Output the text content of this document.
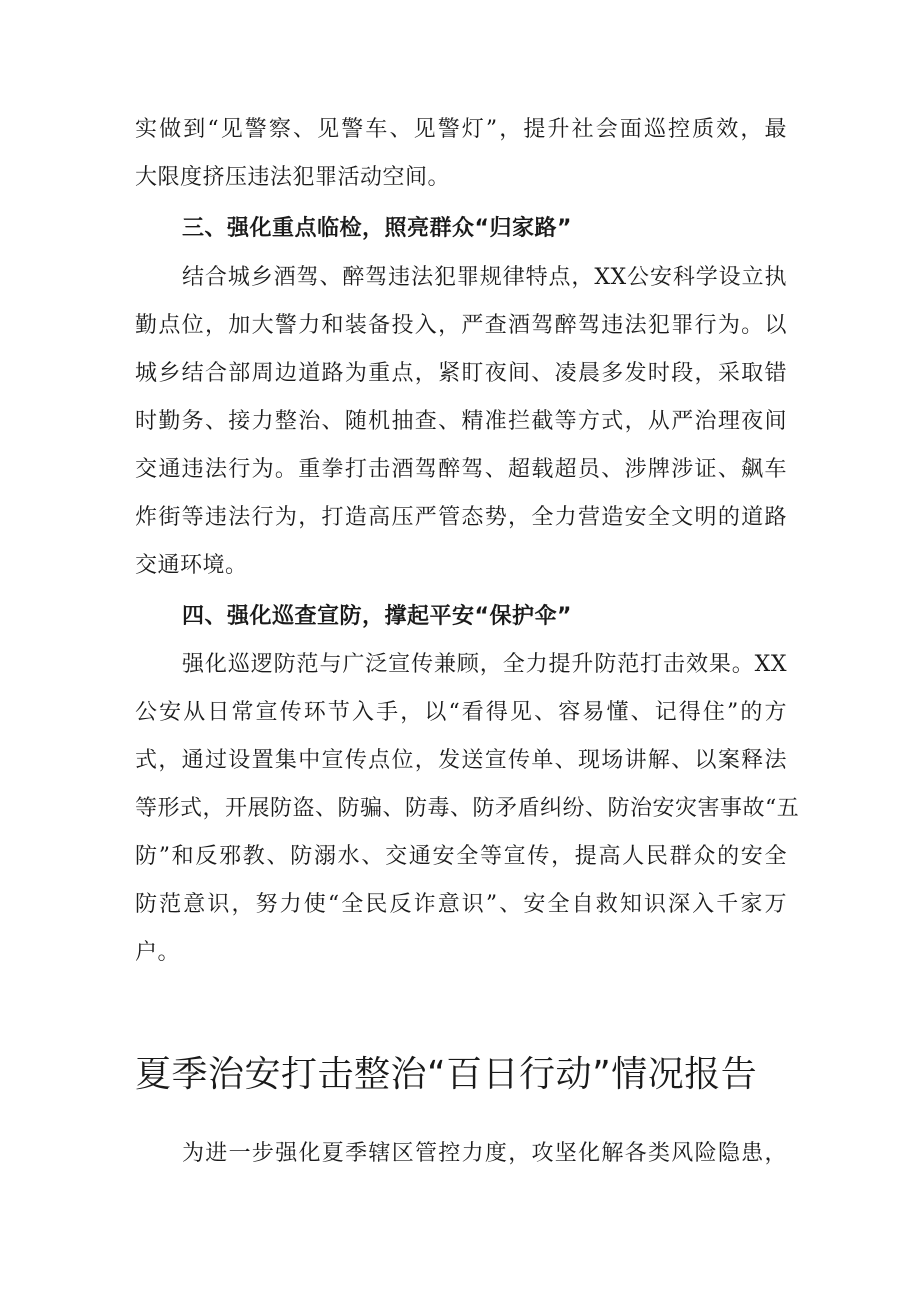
实做到“见警察、见警车、见警灯”，提升社会面巡控质效，最
大限度挤压违法犯罪活动空间。

三、强化重点临检，照亮群众“归家路”

结合城乡酒驾、醉驾违法犯罪规律特点，XX公安科学设立执
勤点位，加大警力和装备投入，严查酒驾醉驾违法犯罪行为。以
城乡结合部周边道路为重点，紧盯夜间、凌晨多发时段，采取错
时勤务、接力整治、随机抽查、精准拦截等方式，从严治理夜间
交通违法行为。重拳打击酒驾醉驾、超载超员、涉牌涉证、飙车
炸街等违法行为，打造高压严管态势，全力营造安全文明的道路
交通环境。

四、强化巡查宣防，撑起平安“保护伞”

强化巡逻防范与广泛宣传兼顾，全力提升防范打击效果。XX
公安从日常宣传环节入手，以“看得见、容易懂、记得住”的方
式，通过设置集中宣传点位，发送宣传单、现场讲解、以案释法
等形式，开展防盗、防骗、防毒、防矛盾纠纷、防治安灾害事故“五
防”和反邪教、防溺水、交通安全等宣传，提高人民群众的安全
防范意识，努力使“全民反诈意识”、安全自救知识深入千家万
户。

夏季治安打击整治“百日行动”情况报告

为进一步强化夏季辖区管控力度，攻坚化解各类风险隐患，
